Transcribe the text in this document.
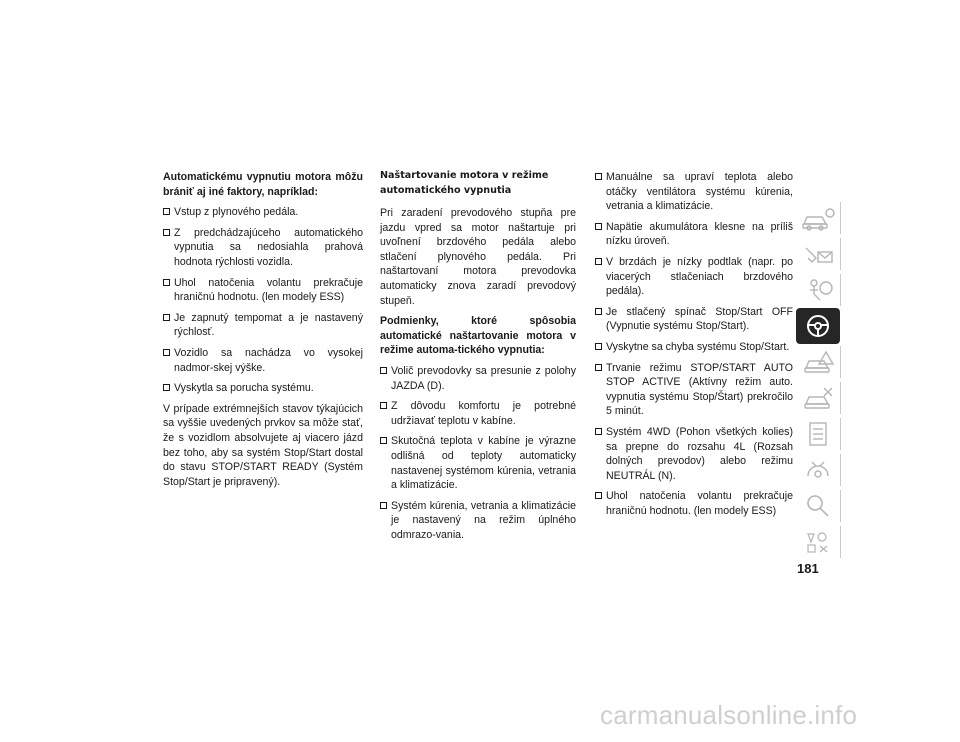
Automatickému vypnutiu motora môžu brániť aj iné faktory, napríklad:
Vstup z plynového pedála.
Z predchádzajúceho automatického vypnutia sa nedosiahla prahová hodnota rýchlosti vozidla.
Uhol natočenia volantu prekračuje hraničnú hodnotu. (len modely ESS)
Je zapnutý tempomat a je nastavený rýchlosť.
Vozidlo sa nachádza vo vysokej nadmor-skej výške.
Vyskytla sa porucha systému.

V prípade extrémnejších stavov týkajúcich sa vyššie uvedených prvkov sa môže stať, že s vozidlom absolvujete aj viacero jázd bez toho, aby sa systém Stop/Start dostal do stavu STOP/START READY (Systém Stop/Start je pripravený).

Naštartovanie motora v režime automatického vypnutia

Pri zaradení prevodového stupňa pre jazdu vpred sa motor naštartuje pri uvoľnení brzdového pedála alebo stlačení plynového pedála. Pri naštartovaní motora prevodovka automaticky znova zaradí prevodový stupeň.

Podmienky, ktoré spôsobia automatické naštartovanie motora v režime automa-tického vypnutia:
Volič prevodovky sa presunie z polohy JAZDA (D).
Z dôvodu komfortu je potrebné udržiavať teplotu v kabíne.
Skutočná teplota v kabíne je výrazne odlišná od teploty automaticky nastavenej systémom kúrenia, vetrania a klimatizácie.
Systém kúrenia, vetrania a klimatizácie je nastavený na režim úplného odmrazo-vania.
Manuálne sa upraví teplota alebo otáčky ventilátora systému kúrenia, vetrania a klimatizácie.
Napätie akumulátora klesne na príliš nízku úroveň.
V brzdách je nízky podtlak (napr. po viacerých stlačeniach brzdového pedála).
Je stlačený spínač Stop/Start OFF (Vypnutie systému Stop/Start).
Vyskytne sa chyba systému Stop/Start.
Trvanie režimu STOP/START AUTO STOP ACTIVE (Aktívny režim auto. vypnutia systému Stop/Štart) prekročilo 5 minút.
Systém 4WD (Pohon všetkých kolies) sa prepne do rozsahu 4L (Rozsah dolných prevodov) alebo režimu NEUTRÁL (N).
Uhol natočenia volantu prekračuje hraničnú hodnotu. (len modely ESS)
181
carmanualsonline.info
